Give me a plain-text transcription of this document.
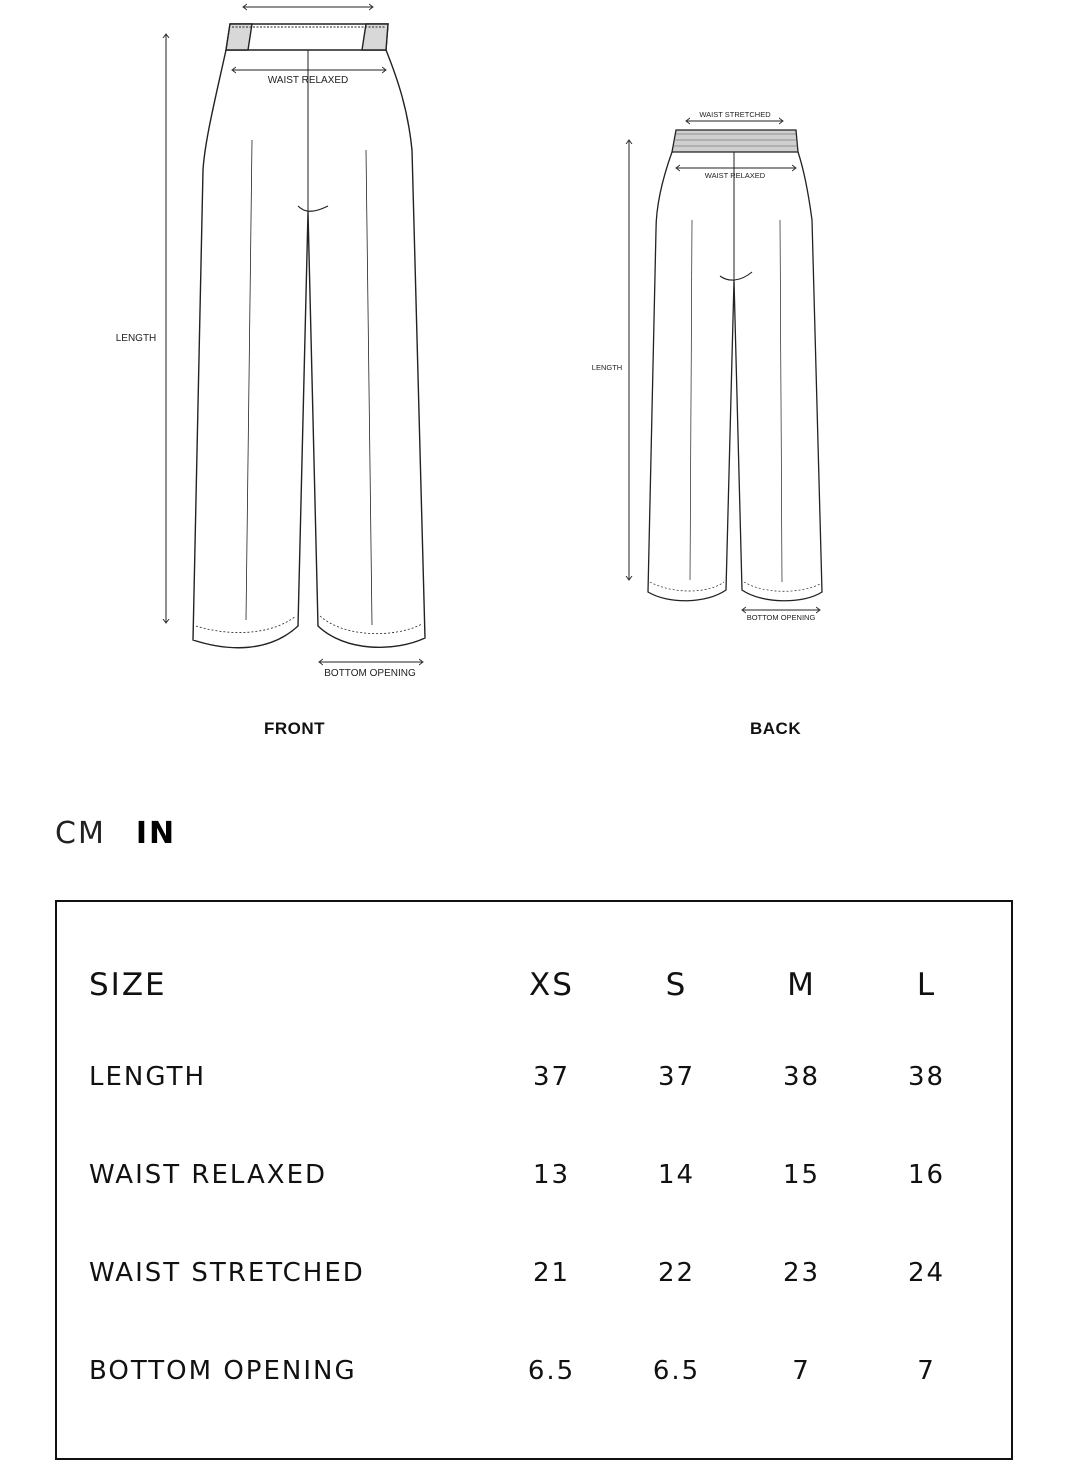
WAIST RELAXED
LENGTH
BOTTOM OPENING
WAIST STRETCHED
WAIST RELAXED
LENGTH
BOTTOM OPENING
FRONT	BACK
CM IN
SIZE	XS	S	M	L
LENGTH	37	37	38	38
WAIST RELAXED	13	14	15	16
WAIST STRETCHED	21	22	23	24
BOTTOM OPENING	6.5	6.5	7	7
